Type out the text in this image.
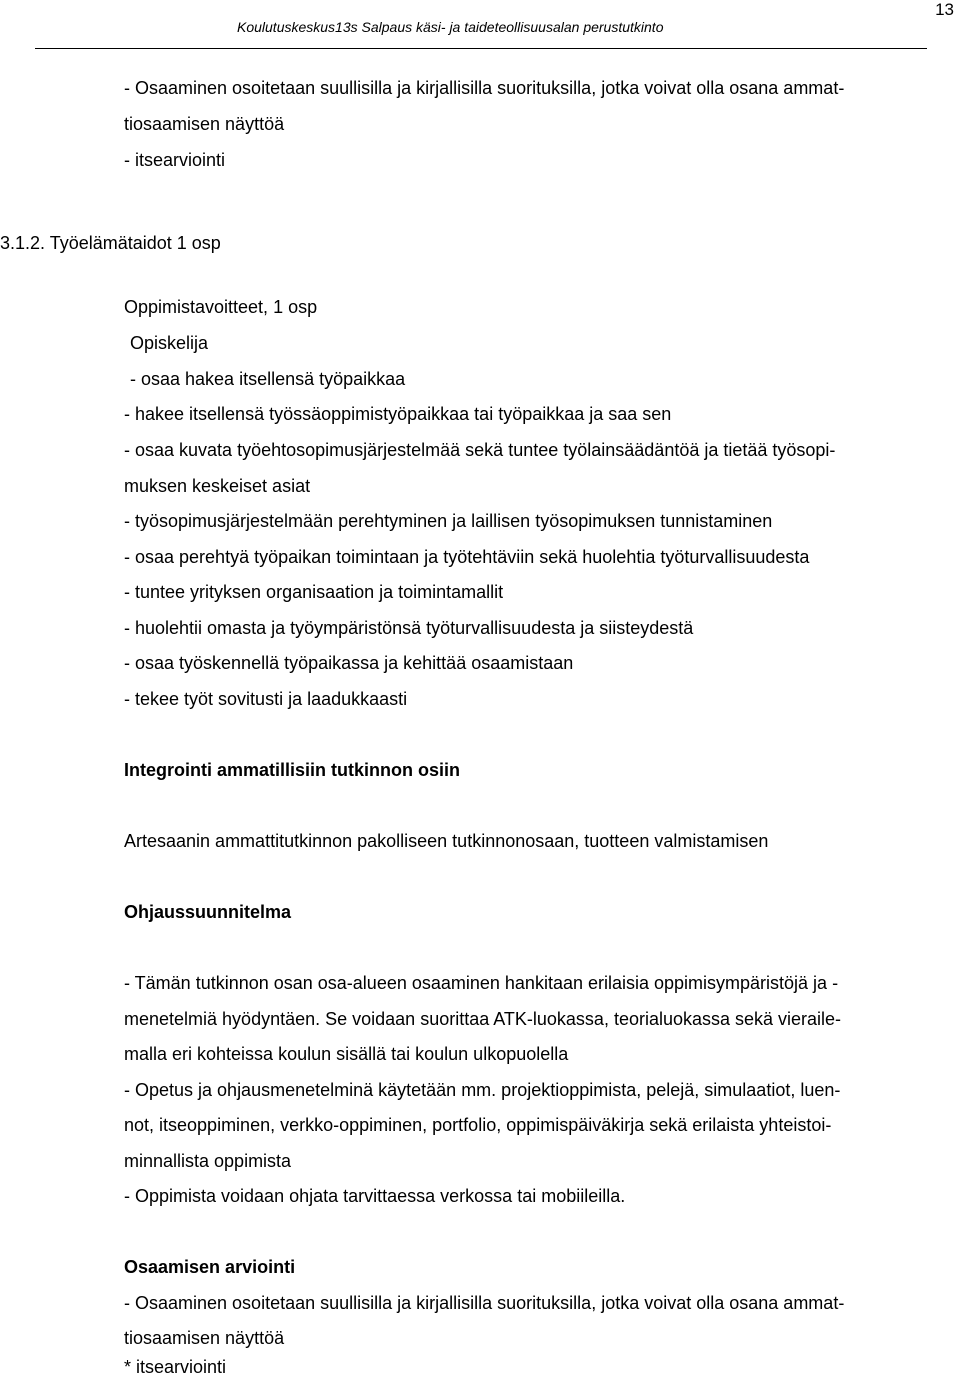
13
Koulutuskeskus13s Salpaus käsi- ja taideteollisuusalan perustutkinto
- Osaaminen osoitetaan suullisilla ja kirjallisilla suorituksilla, jotka voivat olla osana ammat-
tiosaamisen näyttöä
- itsearviointi
3.1.2. Työelämätaidot 1 osp
Oppimistavoitteet, 1 osp
Opiskelija
- osaa hakea itsellensä työpaikkaa
- hakee itsellensä työssäoppimistyöpaikkaa tai työpaikkaa ja saa sen
- osaa kuvata työehtosopimusjärjestelmää sekä tuntee työlainsäädäntöä ja tietää työsopi-
muksen keskeiset asiat
- työsopimusjärjestelmään perehtyminen ja laillisen työsopimuksen tunnistaminen
- osaa perehtyä työpaikan toimintaan ja työtehtäviin sekä huolehtia työturvallisuudesta
- tuntee yrityksen organisaation ja toimintamallit
- huolehtii omasta ja työympäristönsä työturvallisuudesta ja siisteydestä
- osaa työskennellä työpaikassa ja kehittää osaamistaan
- tekee työt sovitusti ja laadukkaasti
Integrointi ammatillisiin tutkinnon osiin
Artesaanin ammattitutkinnon pakolliseen tutkinnonosaan, tuotteen valmistamisen
Ohjaussuunnitelma
- Tämän tutkinnon osan osa-alueen osaaminen hankitaan erilaisia oppimisympäristöjä ja -
menetelmiä hyödyntäen. Se voidaan suorittaa ATK-luokassa, teorialuokassa sekä vieraile-
malla eri kohteissa koulun sisällä tai koulun ulkopuolella
- Opetus ja ohjausmenetelminä käytetään mm. projektioppimista, pelejä, simulaatiot, luen-
not, itseoppiminen, verkko-oppiminen, portfolio, oppimispäiväkirja sekä erilaista yhteistoi-
minnallista oppimista
- Oppimista voidaan ohjata tarvittaessa verkossa tai mobiileilla.
Osaamisen arviointi
- Osaaminen osoitetaan suullisilla ja kirjallisilla suorituksilla, jotka voivat olla osana ammat-
tiosaamisen näyttöä
* itsearviointi
